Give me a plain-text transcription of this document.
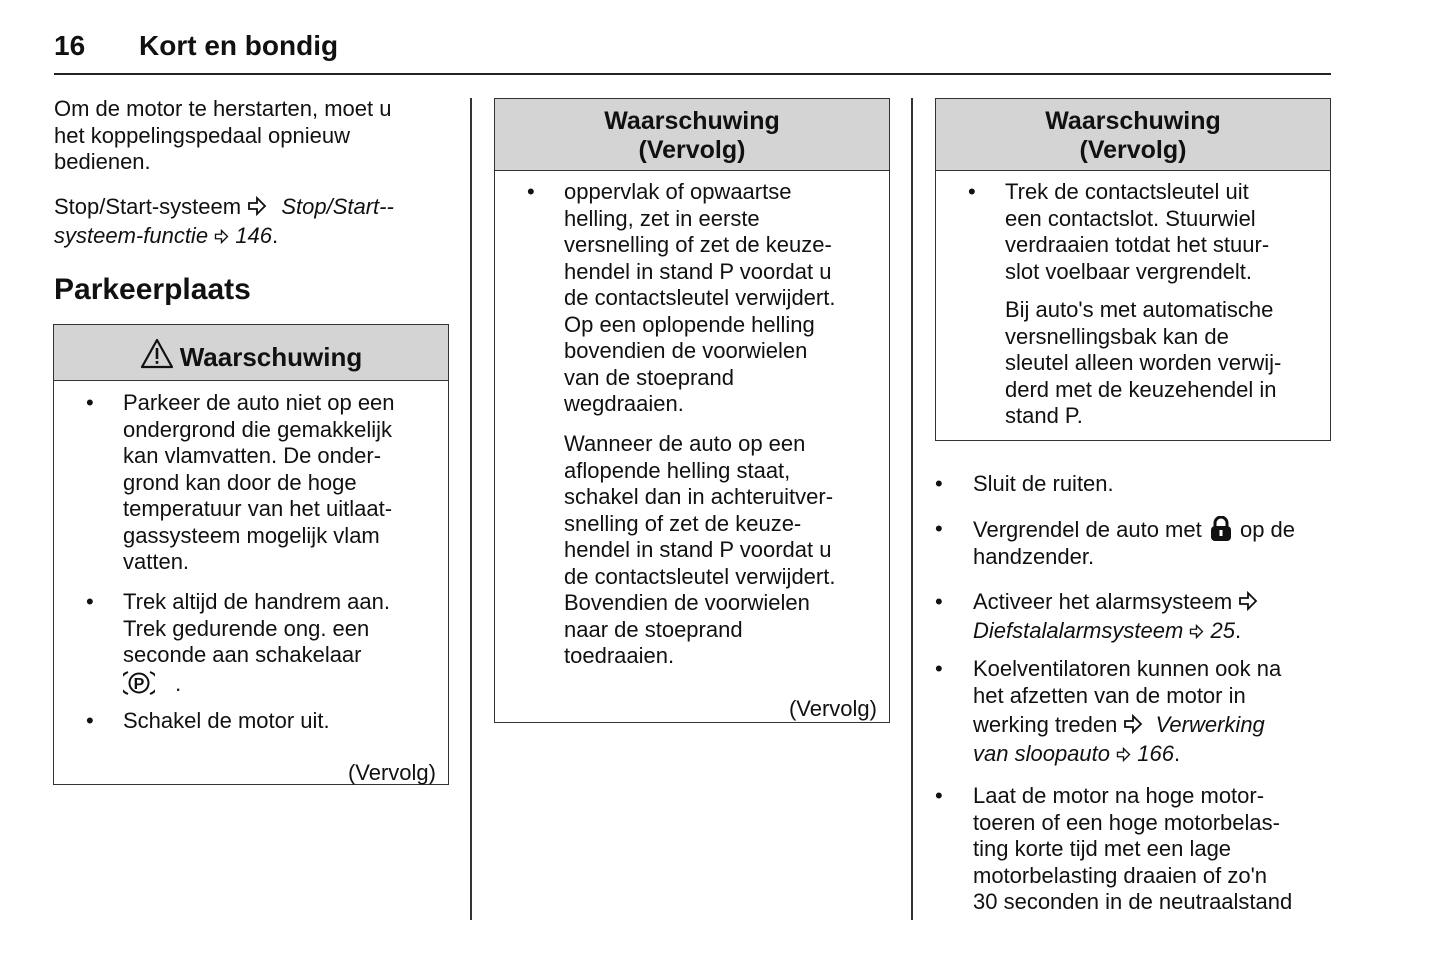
16 Kort en bondig
Om de motor te herstarten, moet u
het koppelingspedaal opnieuw
bedienen.
Stop/Start-systeem Stop/Start--
systeem-functie 146.
Parkeerplaats
Waarschuwing
• Parkeer de auto niet op een
ondergrond die gemakkelijk
kan vlamvatten. De onder-
grond kan door de hoge
temperatuur van het uitlaat-
gassysteem mogelijk vlam
vatten.
• Trek altijd de handrem aan.
Trek gedurende ong. een
seconde aan schakelaar
P .
• Schakel de motor uit.
(Vervolg)
Waarschuwing
(Vervolg)
• oppervlak of opwaartse
helling, zet in eerste
versnelling of zet de keuze-
hendel in stand P voordat u
de contactsleutel verwijdert.
Op een oplopende helling
bovendien de voorwielen
van de stoeprand
wegdraaien.
Wanneer de auto op een
aflopende helling staat,
schakel dan in achteruitver-
snelling of zet de keuze-
hendel in stand P voordat u
de contactsleutel verwijdert.
Bovendien de voorwielen
naar de stoeprand
toedraaien.
(Vervolg)
Waarschuwing
(Vervolg)
• Trek de contactsleutel uit
een contactslot. Stuurwiel
verdraaien totdat het stuur-
slot voelbaar vergrendelt.
Bij auto's met automatische
versnellingsbak kan de
sleutel alleen worden verwij-
derd met de keuzehendel in
stand P.
• Sluit de ruiten.
• Vergrendel de auto met op de
handzender.
• Activeer het alarmsysteem
Diefstalalarmsysteem 25.
• Koelventilatoren kunnen ook na
het afzetten van de motor in
werking treden Verwerking
van sloopauto 166.
• Laat de motor na hoge motor-
toeren of een hoge motorbelas-
ting korte tijd met een lage
motorbelasting draaien of zo'n
30 seconden in de neutraalstand
